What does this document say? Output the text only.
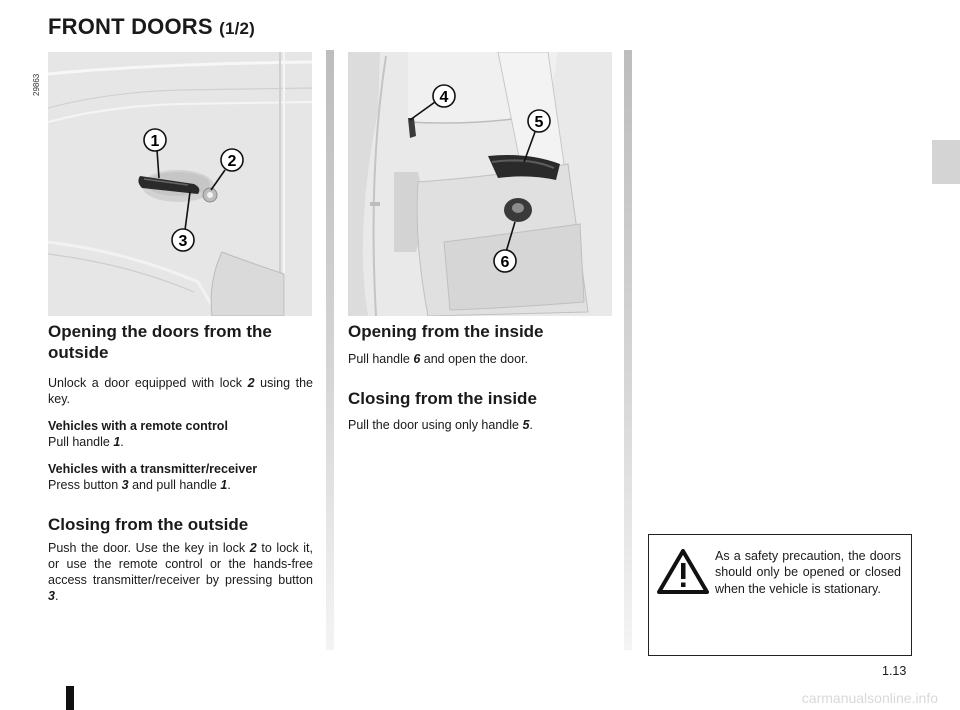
FRONT DOORS (1/2)
29863
1
2
3
4
5
6
Opening the doors from the outside

Unlock a door equipped with lock 2 using the key.

Vehicles with a remote control
Pull handle 1.

Vehicles with a transmitter/receiver
Press button 3 and pull handle 1.

Closing from the outside

Push the door. Use the key in lock 2 to lock it, or use the remote control or the hands-free access transmitter/receiver by pressing button 3.

Opening from the inside

Pull handle 6 and open the door.

Closing from the inside

Pull the door using only handle 5.

As a safety precaution, the doors should only be opened or closed when the vehicle is stationary.
1.13
carmanualsonline.info
